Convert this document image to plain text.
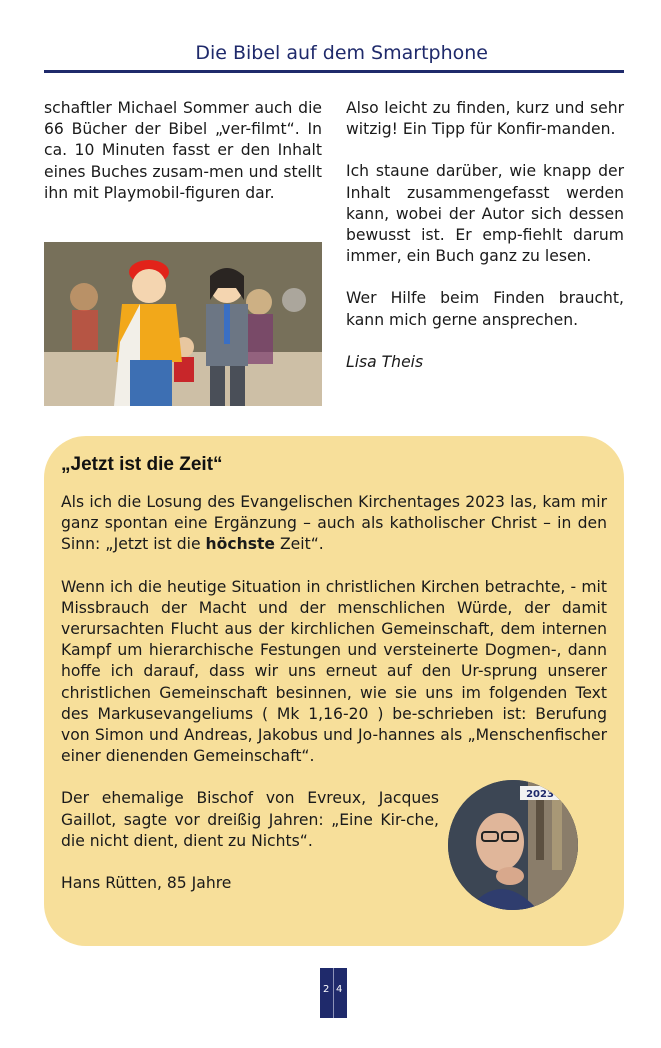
Die Bibel auf dem Smartphone

schaftler Michael Sommer auch die 66 Bücher der Bibel „ver-filmt“. In ca. 10 Minuten fasst er den Inhalt eines Buches zusam-men und stellt ihn mit Playmobil-figuren dar.

Also leicht zu finden, kurz und sehr witzig! Ein Tipp für Konfir-manden.

Ich staune darüber, wie knapp der Inhalt zusammengefasst werden kann, wobei der Autor sich dessen bewusst ist. Er emp-fiehlt darum immer, ein Buch ganz zu lesen.

Wer Hilfe beim Finden braucht, kann mich gerne ansprechen.

Lisa Theis

„Jetzt ist die Zeit“

Als ich die Losung des Evangelischen Kirchentages 2023 las, kam mir ganz spontan eine Ergänzung – auch als katholischer Christ – in den Sinn: „Jetzt ist die höchste Zeit“.

Wenn ich die heutige Situation in christlichen Kirchen betrachte, - mit Missbrauch der Macht und der menschlichen Würde, der damit verursachten Flucht aus der kirchlichen Gemeinschaft, dem internen Kampf um hierarchische Festungen und versteinerte Dogmen-, dann hoffe ich darauf, dass wir uns erneut auf den Ur-sprung unserer christlichen Gemeinschaft besinnen, wie sie uns im folgenden Text des Markusevangeliums ( Mk 1,16-20 ) be-schrieben ist: Berufung von Simon und Andreas, Jakobus und Jo-hannes als „Menschenfischer einer dienenden Gemeinschaft“.

Der ehemalige Bischof von Evreux, Jacques Gaillot, sagte vor dreißig Jahren: „Eine Kir-che, die nicht dient, dient zu Nichts“.

Hans Rütten, 85 Jahre

2023
2 4
